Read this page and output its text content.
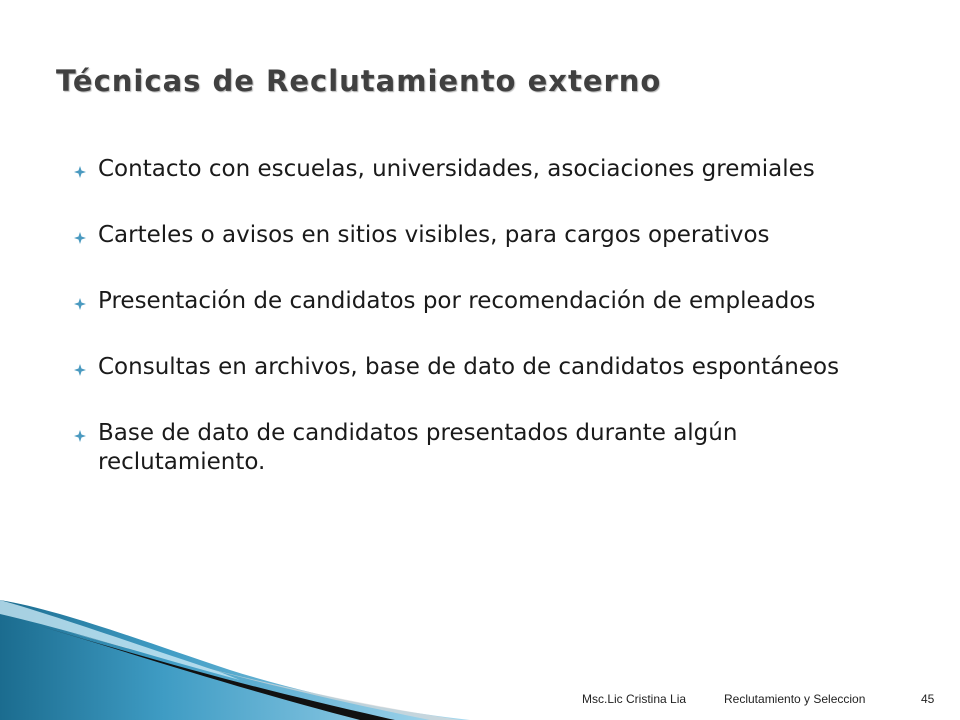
Técnicas de Reclutamiento externo
Contacto con escuelas, universidades, asociaciones gremiales
Carteles o avisos en sitios visibles, para cargos operativos
Presentación de candidatos por recomendación de empleados
Consultas en archivos, base de dato de candidatos espontáneos
Base de dato de candidatos presentados durante algún reclutamiento.
Msc.Lic Cristina Lia	Reclutamiento y Seleccion	45
